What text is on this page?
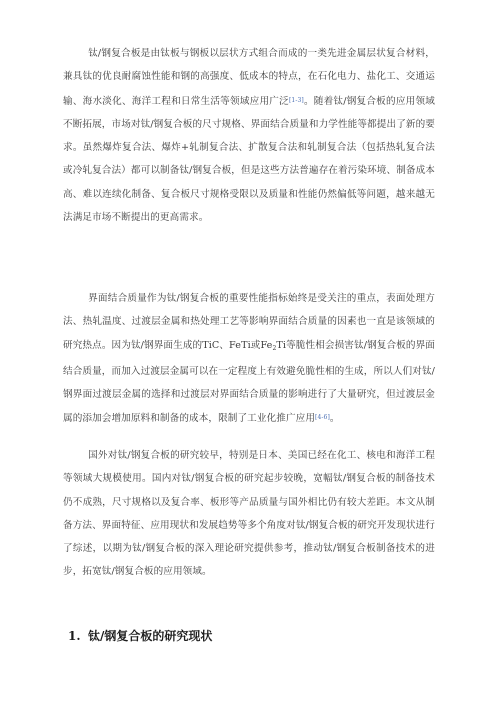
钛/钢复合板是由钛板与钢板以层状方式组合而成的一类先进金属层状复合材料，兼具钛的优良耐腐蚀性能和钢的高强度、低成本的特点，在石化电力、盐化工、交通运输、海水淡化、海洋工程和日常生活等领域应用广泛[1-3]。随着钛/钢复合板的应用领域不断拓展，市场对钛/钢复合板的尺寸规格、界面结合质量和力学性能等都提出了新的要求。虽然爆炸复合法、爆炸+轧制复合法、扩散复合法和轧制复合法（包括热轧复合法或冷轧复合法）都可以制备钛/钢复合板，但是这些方法普遍存在着污染环境、制备成本高、难以连续化制备、复合板尺寸规格受限以及质量和性能仍然偏低等问题，越来越无法满足市场不断提出的更高需求。

界面结合质量作为钛/钢复合板的重要性能指标始终是受关注的重点，表面处理方法、热轧温度、过渡层金属和热处理工艺等影响界面结合质量的因素也一直是该领域的研究热点。因为钛/钢界面生成的TiC、FeTi或$Fe_2Ti$等脆性相会损害钛/钢复合板的界面结合质量，而加入过渡层金属可以在一定程度上有效避免脆性相的生成，所以人们对钛/钢界面过渡层金属的选择和过渡层对界面结合质量的影响进行了大量研究，但过渡层金属的添加会增加原料和制备的成本，限制了工业化推广应用[4-6]。

国外对钛/钢复合板的研究较早，特别是日本、美国已经在化工、核电和海洋工程等领域大规模使用。国内对钛/钢复合板的研究起步较晚，宽幅钛/钢复合板的制备技术仍不成熟，尺寸规格以及复合率、板形等产品质量与国外相比仍有较大差距。本文从制备方法、界面特征、应用现状和发展趋势等多个角度对钛/钢复合板的研究开发现状进行了综述，以期为钛/钢复合板的深入理论研究提供参考，推动钛/钢复合板制备技术的进步，拓宽钛/钢复合板的应用领域。

1. 钛/钢复合板的研究现状
